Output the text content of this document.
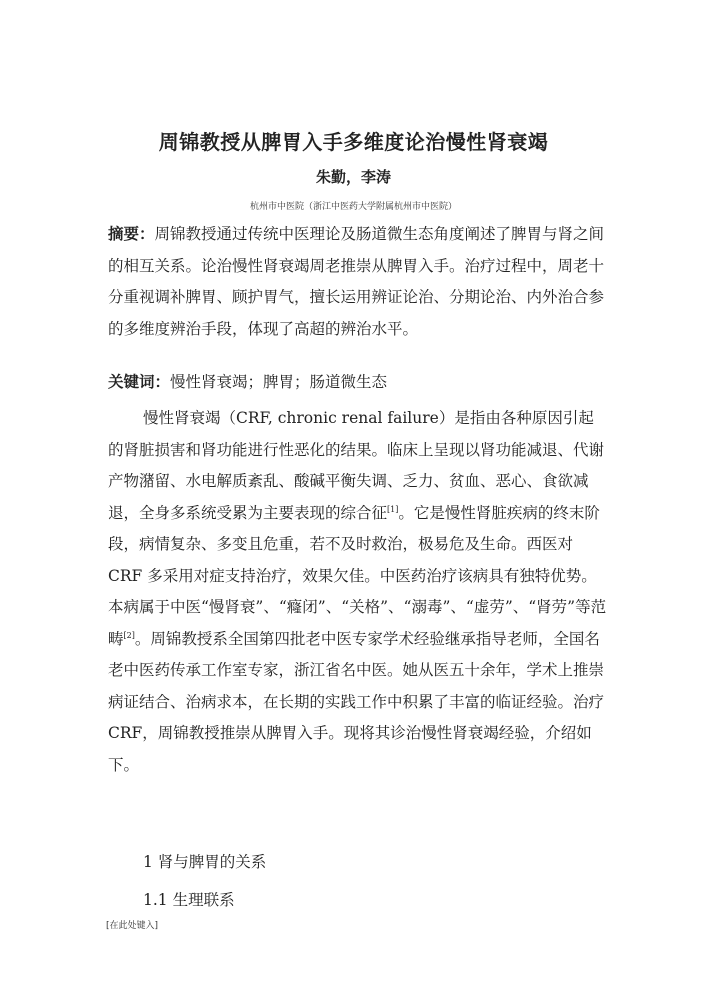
周锦教授从脾胃入手多维度论治慢性肾衰竭
朱勤，李涛
杭州市中医院（浙江中医药大学附属杭州市中医院）
摘要：周锦教授通过传统中医理论及肠道微生态角度阐述了脾胃与肾之间的相互关系。论治慢性肾衰竭周老推崇从脾胃入手。治疗过程中，周老十分重视调补脾胃、顾护胃气，擅长运用辨证论治、分期论治、内外治合参的多维度辨治手段，体现了高超的辨治水平。
关键词：慢性肾衰竭；脾胃；肠道微生态
慢性肾衰竭（CRF, chronic renal failure）是指由各种原因引起的肾脏损害和肾功能进行性恶化的结果。临床上呈现以肾功能减退、代谢产物潴留、水电解质紊乱、酸碱平衡失调、乏力、贫血、恶心、食欲减退，全身多系统受累为主要表现的综合征[1]。它是慢性肾脏疾病的终末阶段，病情复杂、多变且危重，若不及时救治，极易危及生命。西医对 CRF 多采用对症支持治疗，效果欠佳。中医药治疗该病具有独特优势。本病属于中医“慢肾衰”、“癃闭”、“关格”、“溺毒”、“虚劳”、“肾劳”等范畴[2]。周锦教授系全国第四批老中医专家学术经验继承指导老师，全国名老中医药传承工作室专家，浙江省名中医。她从医五十余年，学术上推崇病证结合、治病求本，在长期的实践工作中积累了丰富的临证经验。治疗 CRF，周锦教授推崇从脾胃入手。现将其诊治慢性肾衰竭经验，介绍如下。
1 肾与脾胃的关系
1.1 生理联系
[在此处键入]
